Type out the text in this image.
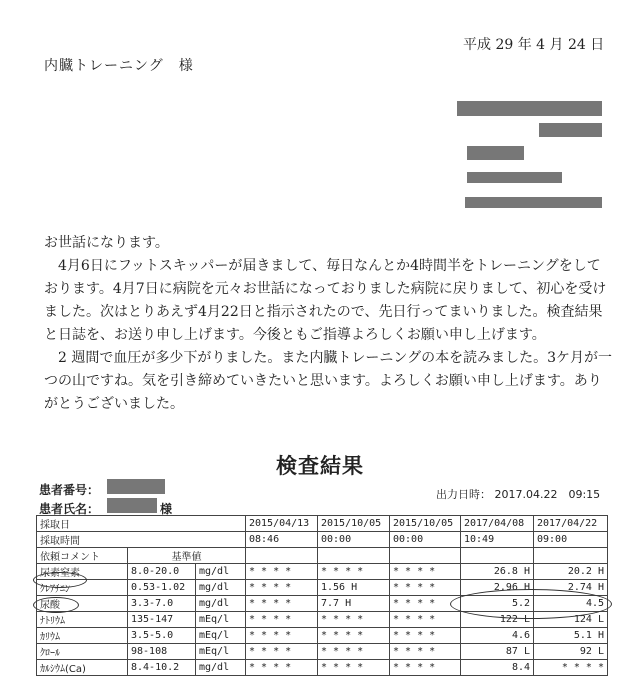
平成 29 年 4 月 24 日
内臓トレーニング　様

お世話になります。

4月6日にフットスキッパーが届きまして、毎日なんとか4時間半をトレーニングをしております。4月7日に病院を元々お世話になっておりました病院に戻りまして、初心を受けました。次はとりあえず4月22日と指示されたので、先日行ってまいりました。検査結果と日誌を、お送り申し上げます。今後ともご指導よろしくお願い申し上げます。

2 週間で血圧が多少下がりました。また内臓トレーニングの本を読みました。3ケ月が一つの山ですね。気を引き締めていきたいと思います。よろしくお願い申し上げます。ありがとうございました。

検査結果
患者番号：
患者氏名：	様
出力日時： 2017.04.22　09:15
採取日			2015/04/13	2015/10/05	2015/10/05	2017/04/08	2017/04/22
採取時間			08:46	00:00	00:00	10:49	09:00
依頼コメント	基準値						
尿素窒素	8.0-20.0	mg/dl	* * * *	* * * *	* * * *	26.8 H	20.2 H
ｸﾚｱﾁﾆﾝ	0.53-1.02	mg/dl	* * * *	1.56 H	* * * *	2.96 H	2.74 H
尿酸	3.3-7.0	mg/dl	* * * *	7.7 H	* * * *	5.2	4.5
ﾅﾄﾘｳﾑ	135-147	mEq/l	* * * *	* * * *	* * * *	122 L	124 L
ｶﾘｳﾑ	3.5-5.0	mEq/l	* * * *	* * * *	* * * *	4.6	5.1 H
ｸﾛｰﾙ	98-108	mEq/l	* * * *	* * * *	* * * *	87 L	92 L
ｶﾙｼｳﾑ(Ca)	8.4-10.2	mg/dl	* * * *	* * * *	* * * *	8.4	* * * *
